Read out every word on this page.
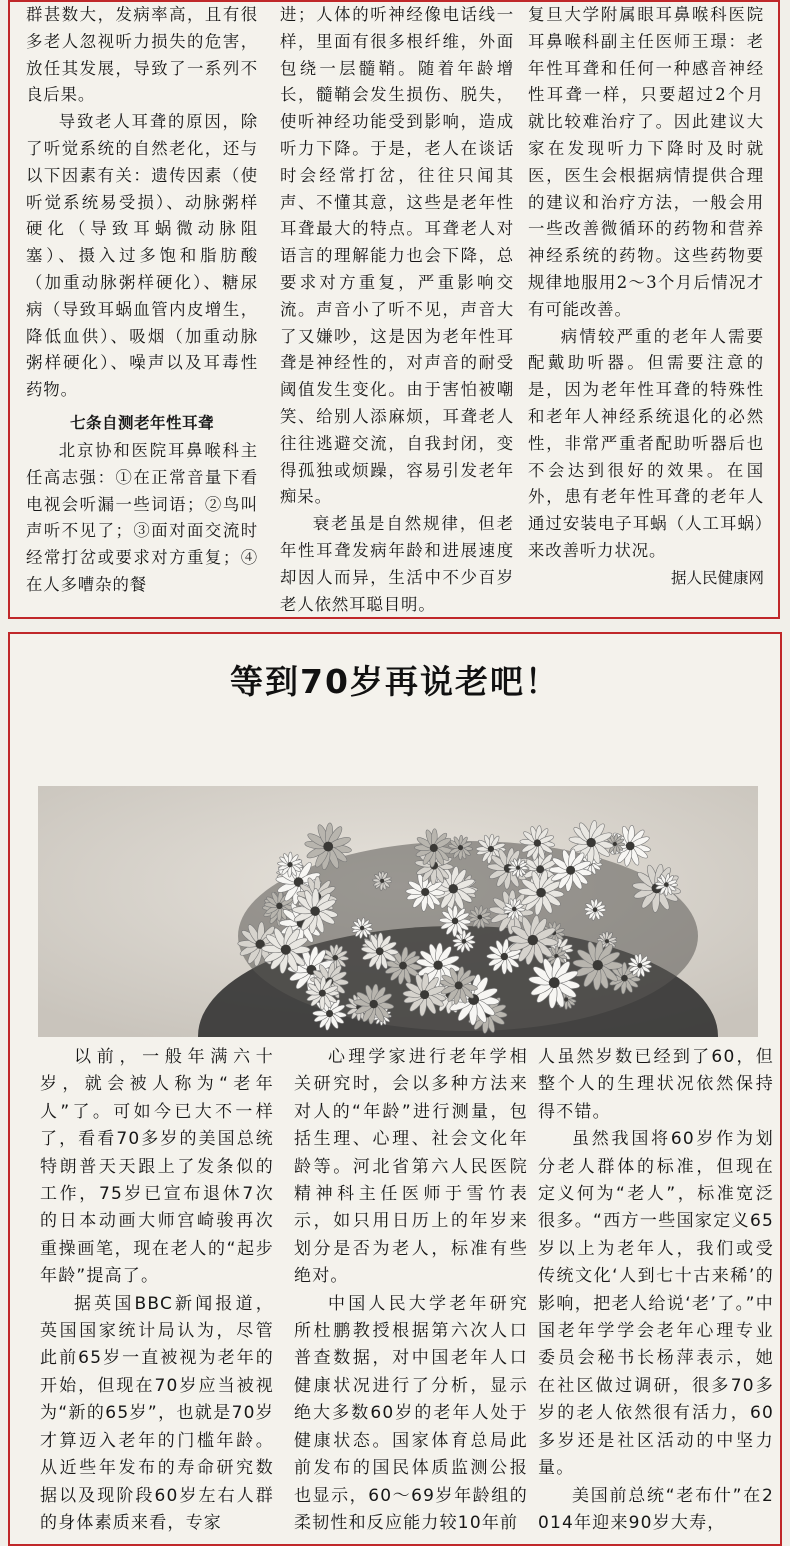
群甚数大，发病率高，且有很多老人忽视听力损失的危害，放任其发展，导致了一系列不良后果。

导致老人耳聋的原因，除了听觉系统的自然老化，还与以下因素有关：遗传因素（使听觉系统易受损）、动脉粥样硬化（导致耳蜗微动脉阻塞）、摄入过多饱和脂肪酸（加重动脉粥样硬化）、糖尿病（导致耳蜗血管内皮增生，降低血供）、吸烟（加重动脉粥样硬化）、噪声以及耳毒性药物。

七条自测老年性耳聋

北京协和医院耳鼻喉科主任高志强：①在正常音量下看电视会听漏一些词语；②鸟叫声听不见了；③面对面交流时经常打岔或要求对方重复；④在人多嘈杂的餐

进；人体的听神经像电话线一样，里面有很多根纤维，外面包绕一层髓鞘。随着年龄增长，髓鞘会发生损伤、脱失，使听神经功能受到影响，造成听力下降。于是，老人在谈话时会经常打岔，往往只闻其声、不懂其意，这些是老年性耳聋最大的特点。耳聋老人对语言的理解能力也会下降，总要求对方重复，严重影响交流。声音小了听不见，声音大了又嫌吵，这是因为老年性耳聋是神经性的，对声音的耐受阈值发生变化。由于害怕被嘲笑、给别人添麻烦，耳聋老人往往逃避交流，自我封闭，变得孤独或烦躁，容易引发老年痴呆。

衰老虽是自然规律，但老年性耳聋发病年龄和进展速度却因人而异，生活中不少百岁老人依然耳聪目明。

复旦大学附属眼耳鼻喉科医院耳鼻喉科副主任医师王璟：老年性耳聋和任何一种感音神经性耳聋一样，只要超过2个月就比较难治疗了。因此建议大家在发现听力下降时及时就医，医生会根据病情提供合理的建议和治疗方法，一般会用一些改善微循环的药物和营养神经系统的药物。这些药物要规律地服用2～3个月后情况才有可能改善。

病情较严重的老年人需要配戴助听器。但需要注意的是，因为老年性耳聋的特殊性和老年人神经系统退化的必然性，非常严重者配助听器后也不会达到很好的效果。在国外，患有老年性耳聋的老年人通过安装电子耳蜗（人工耳蜗）来改善听力状况。

据人民健康网
等到70岁再说老吧！

以前，一般年满六十岁，就会被人称为“老年人”了。可如今已大不一样了，看看70多岁的美国总统特朗普天天跟上了发条似的工作，75岁已宣布退休7次的日本动画大师宫崎骏再次重操画笔，现在老人的“起步年龄”提高了。

据英国BBC新闻报道，英国国家统计局认为，尽管此前65岁一直被视为老年的开始，但现在70岁应当被视为“新的65岁”，也就是70岁才算迈入老年的门槛年龄。从近些年发布的寿命研究数据以及现阶段60岁左右人群的身体素质来看，专家

心理学家进行老年学相关研究时，会以多种方法来对人的“年龄”进行测量，包括生理、心理、社会文化年龄等。河北省第六人民医院精神科主任医师于雪竹表示，如只用日历上的年岁来划分是否为老人，标准有些绝对。

中国人民大学老年研究所杜鹏教授根据第六次人口普查数据，对中国老年人口健康状况进行了分析，显示绝大多数60岁的老年人处于健康状态。国家体育总局此前发布的国民体质监测公报也显示，60～69岁年龄组的柔韧性和反应能力较10年前

人虽然岁数已经到了60，但整个人的生理状况依然保持得不错。

虽然我国将60岁作为划分老人群体的标准，但现在定义何为“老人”，标准宽泛很多。“西方一些国家定义65岁以上为老年人，我们或受传统文化‘人到七十古来稀’的影响，把老人给说‘老’了。”中国老年学学会老年心理专业委员会秘书长杨萍表示，她在社区做过调研，很多70多岁的老人依然很有活力，60多岁还是社区活动的中坚力量。

美国前总统“老布什”在2014年迎来90岁大寿，
